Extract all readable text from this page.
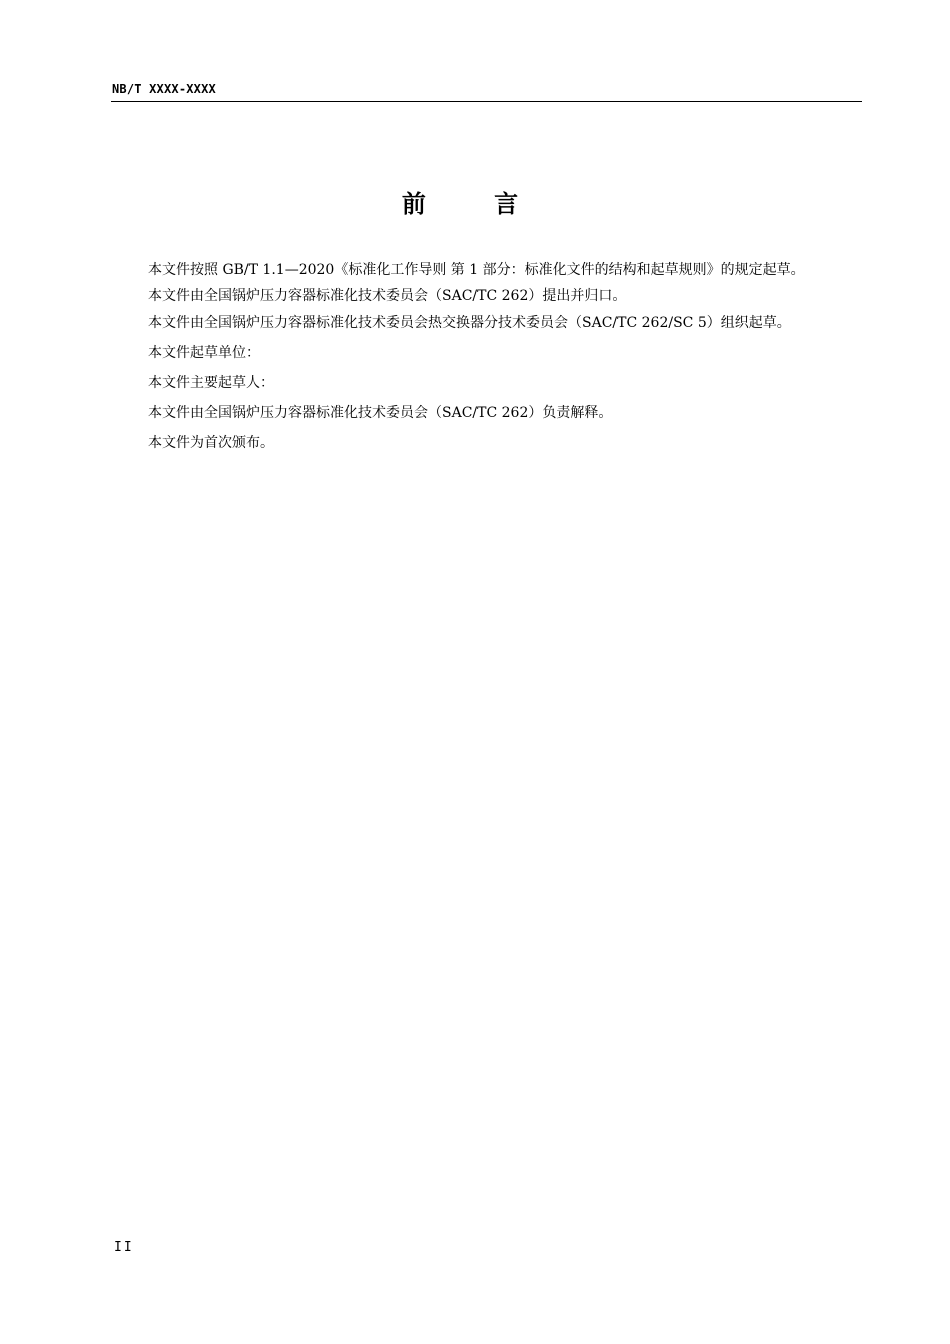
NB/T XXXX-XXXX
前 言

本文件按照 GB/T 1.1—2020《标准化工作导则 第 1 部分：标准化文件的结构和起草规则》的规定起草。

本文件由全国锅炉压力容器标准化技术委员会（SAC/TC 262）提出并归口。

本文件由全国锅炉压力容器标准化技术委员会热交换器分技术委员会（SAC/TC 262/SC 5）组织起草。

本文件起草单位：

本文件主要起草人：

本文件由全国锅炉压力容器标准化技术委员会（SAC/TC 262）负责解释。

本文件为首次颁布。

II
